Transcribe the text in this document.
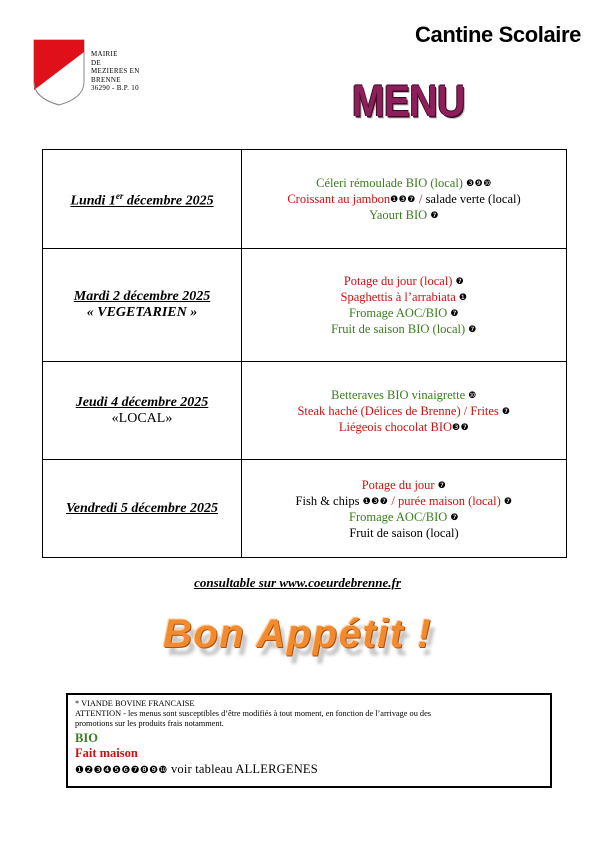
MAIRIE
DE
MEZIERES EN
BRENNE
36290 - B.P. 10
Cantine Scolaire
MENU
Lundi 1er décembre 2025
Céleri rémoulade BIO (local) ❸❾❿
Croissant au jambon❶❸❼ / salade verte (local)
Yaourt BIO ❼
Mardi 2 décembre 2025
« VEGETARIEN »
Potage du jour (local) ❼
Spaghettis à l’arrabiata ❶
Fromage AOC/BIO ❼
Fruit de saison BIO (local) ❼
Jeudi 4 décembre 2025
«LOCAL»
Betteraves BIO vinaigrette ❿
Steak haché (Délices de Brenne) / Frites ❼
Liégeois chocolat BIO❸❼
Vendredi 5 décembre 2025
Potage du jour ❼
Fish & chips ❶❸❼ / purée maison (local) ❼
Fromage AOC/BIO ❼
Fruit de saison (local)
consultable sur www.coeurdebrenne.fr
Bon Appétit !
* VIANDE BOVINE FRANCAISE
ATTENTION - les menus sont susceptibles d’être modifiés à tout moment, en fonction de l’arrivage ou des
promotions sur les produits frais notamment.
BIO
Fait maison
❶❷❸❹❺❻❼❽❾❿ voir tableau ALLERGENES
